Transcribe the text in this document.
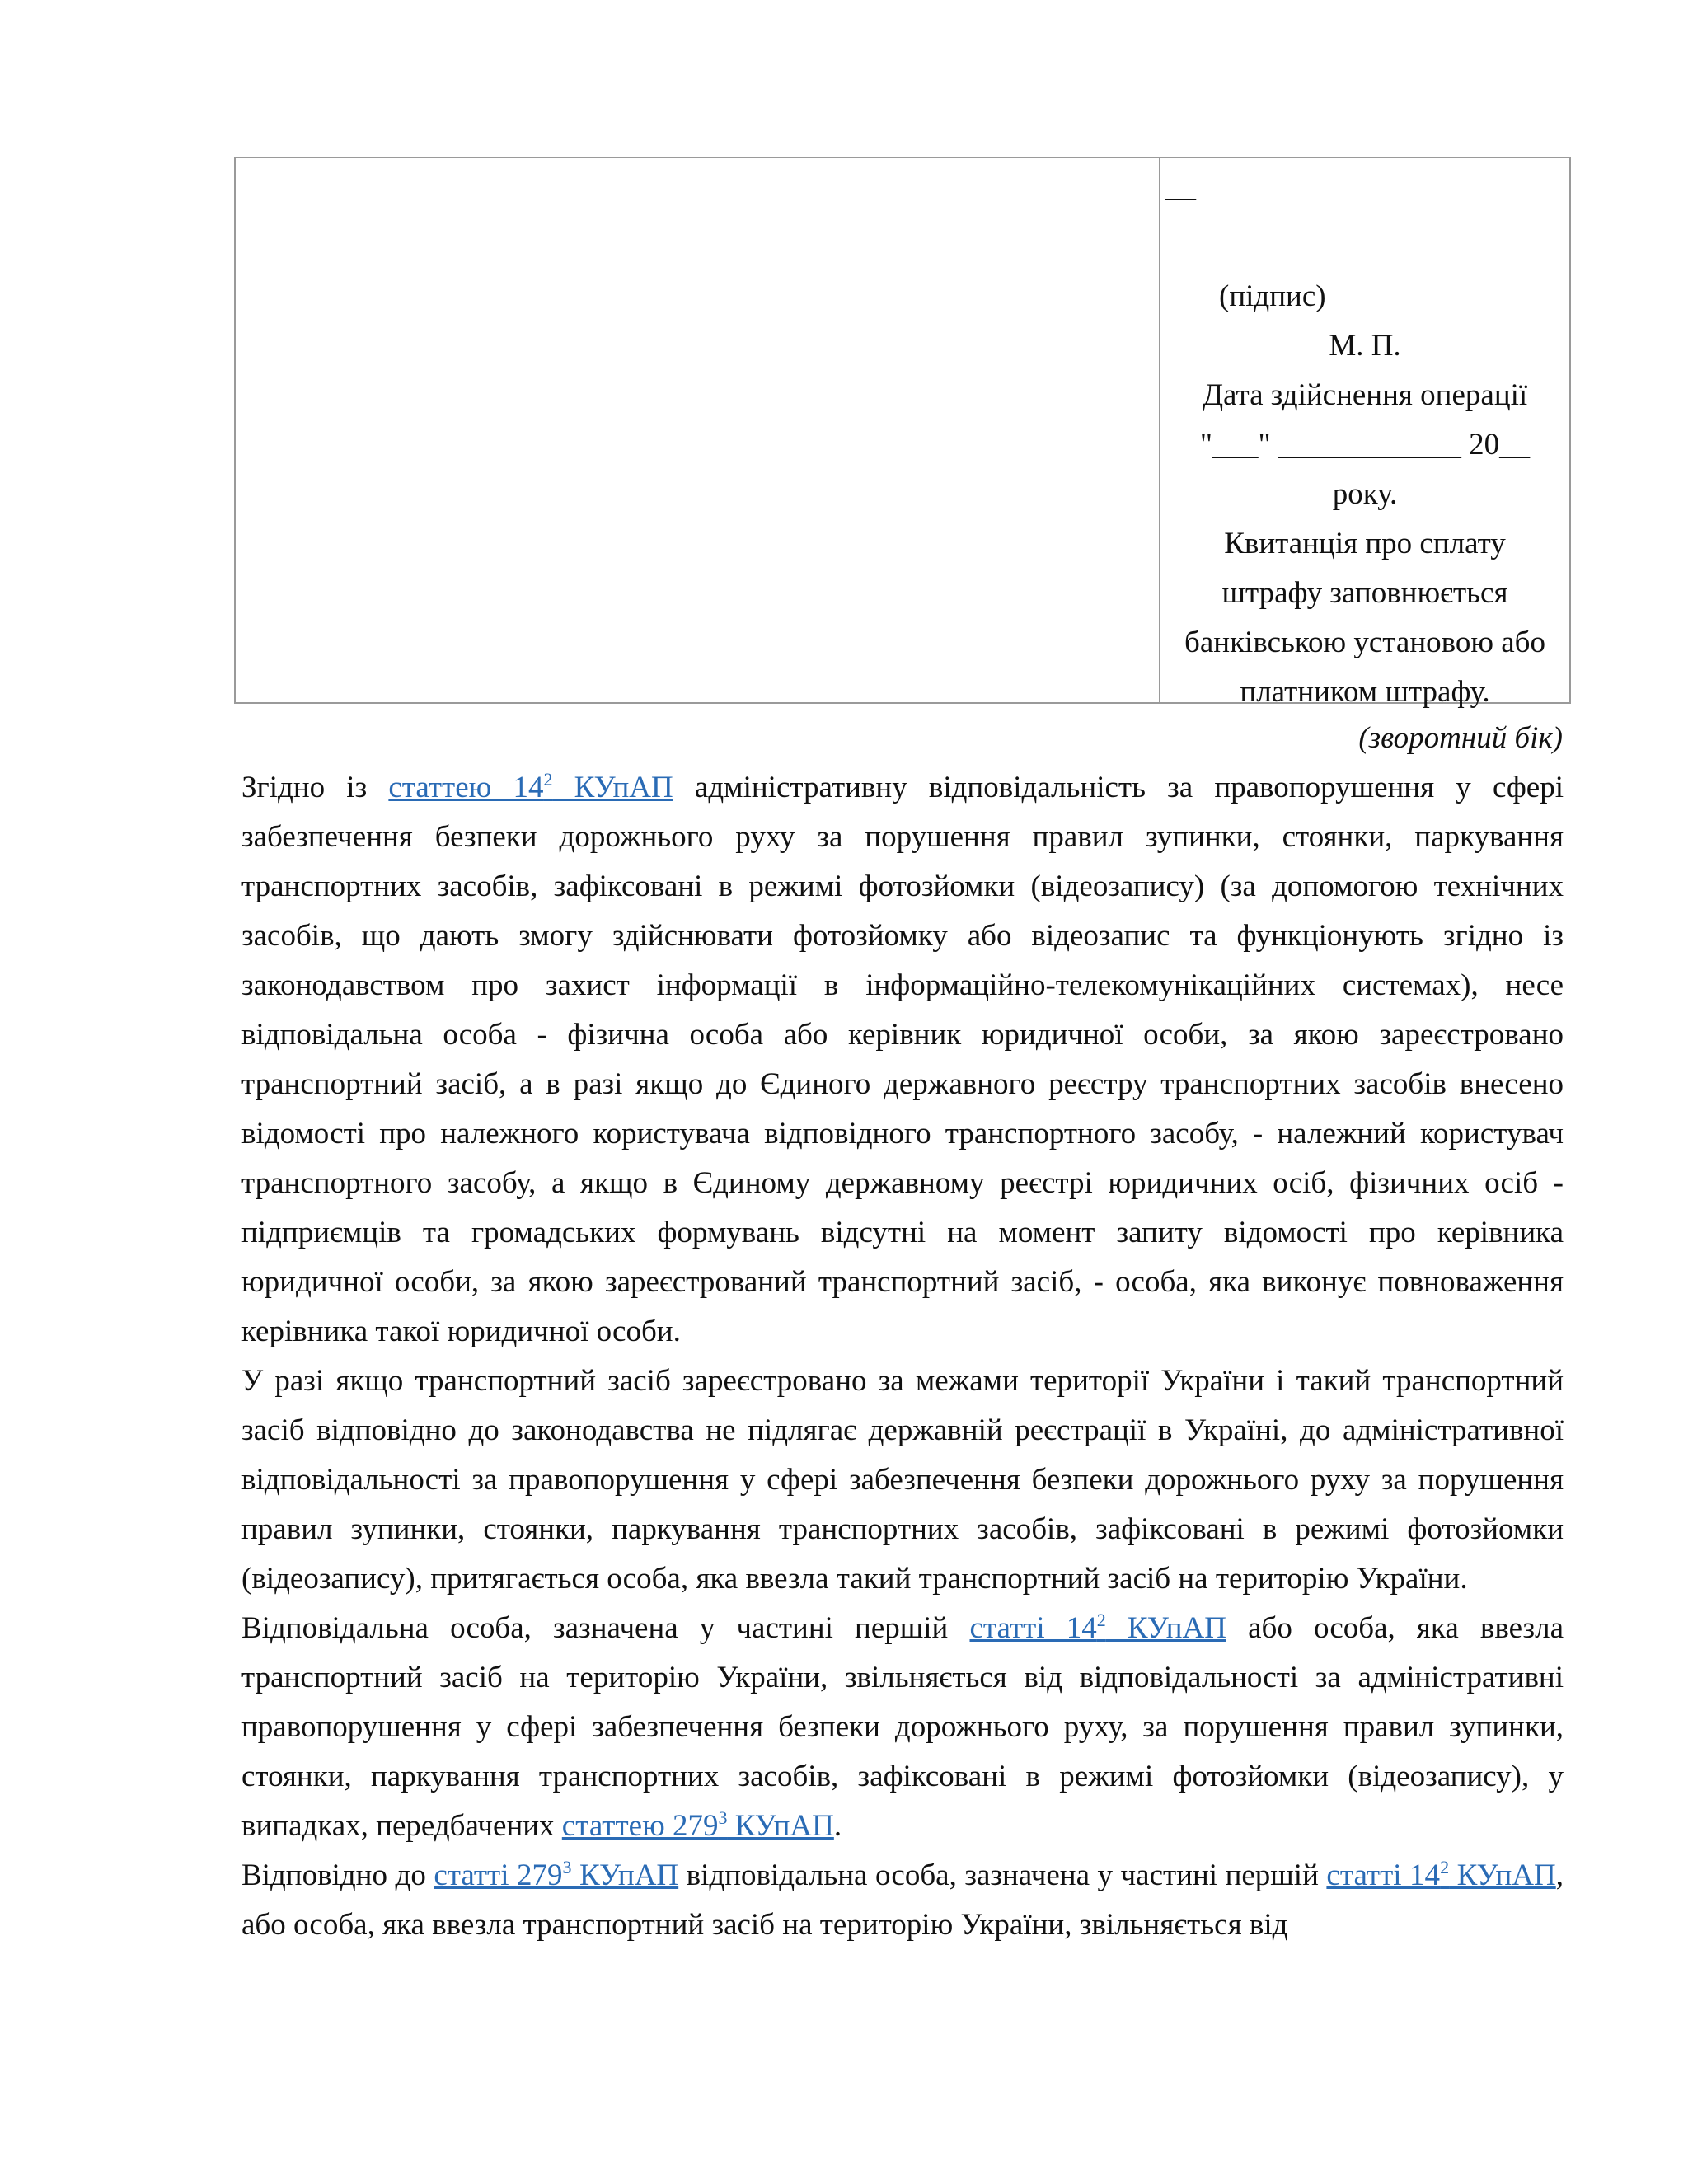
__
(підпис)
М. П.
Дата здійснення операції
"___" ____________ 20__
року.
Квитанція про сплату
штрафу заповнюється
банківською установою або
платником штрафу.
(зворотний бік)

Згідно із статтею $14^2$ КУпАП адміністративну відповідальність за правопорушення у сфері забезпечення безпеки дорожнього руху за порушення правил зупинки, стоянки, паркування транспортних засобів, зафіксовані в режимі фотозйомки (відеозапису) (за допомогою технічних засобів, що дають змогу здійснювати фотозйомку або відеозапис та функціонують згідно із законодавством про захист інформації в інформаційно-телекомунікаційних системах), несе відповідальна особа - фізична особа або керівник юридичної особи, за якою зареєстровано транспортний засіб, а в разі якщо до Єдиного державного реєстру транспортних засобів внесено відомості про належного користувача відповідного транспортного засобу, - належний користувач транспортного засобу, а якщо в Єдиному державному реєстрі юридичних осіб, фізичних осіб - підприємців та громадських формувань відсутні на момент запиту відомості про керівника юридичної особи, за якою зареєстрований транспортний засіб, - особа, яка виконує повноваження керівника такої юридичної особи.

У разі якщо транспортний засіб зареєстровано за межами території України і такий транспортний засіб відповідно до законодавства не підлягає державній реєстрації в Україні, до адміністративної відповідальності за правопорушення у сфері забезпечення безпеки дорожнього руху за порушення правил зупинки, стоянки, паркування транспортних засобів, зафіксовані в режимі фотозйомки (відеозапису), притягається особа, яка ввезла такий транспортний засіб на територію України.

Відповідальна особа, зазначена у частині першій статті $14^2$ КУпАП або особа, яка ввезла транспортний засіб на територію України, звільняється від відповідальності за адміністративні правопорушення у сфері забезпечення безпеки дорожнього руху, за порушення правил зупинки, стоянки, паркування транспортних засобів, зафіксовані в режимі фотозйомки (відеозапису), у випадках, передбачених статтею $279^3$ КУпАП.

Відповідно до статті $279^3$ КУпАП відповідальна особа, зазначена у частині першій статті $14^2$ КУпАП, або особа, яка ввезла транспортний засіб на територію України, звільняється від
